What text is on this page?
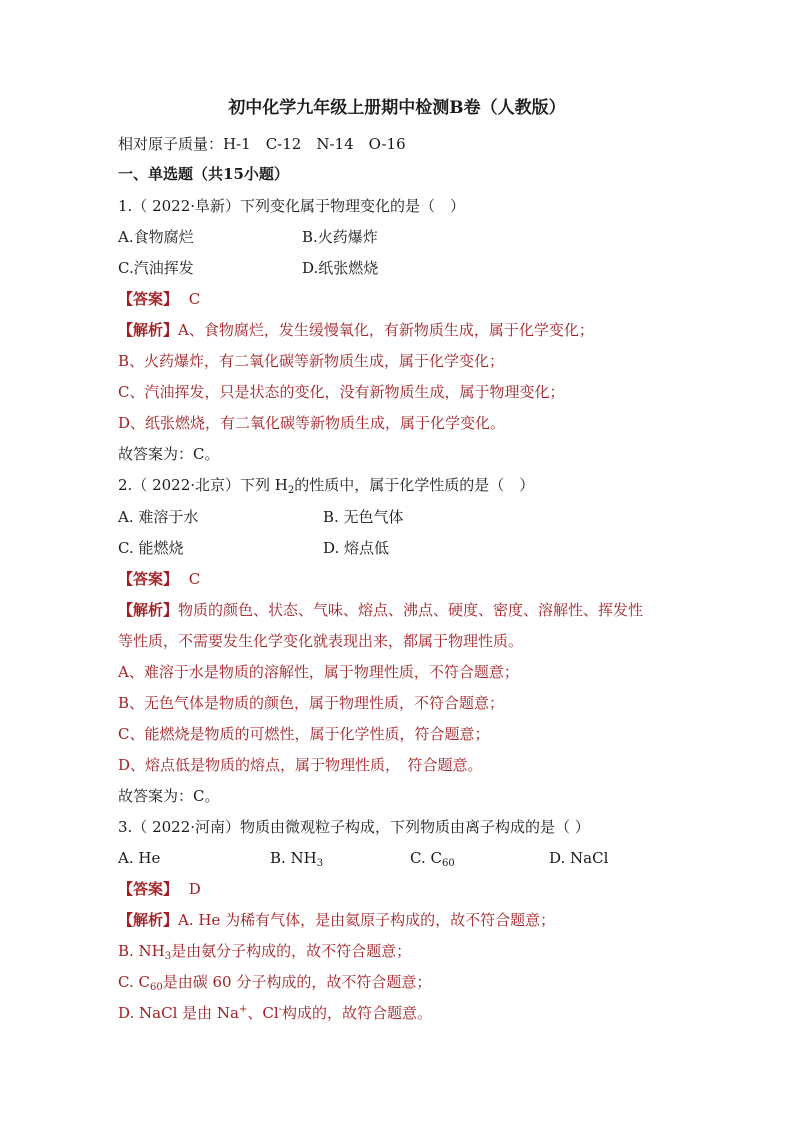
初中化学九年级上册期中检测B卷（人教版）
相对原子质量：H-1　C-12　N-14　O-16
一、单选题（共15小题）
1.（ 2022·阜新）下列变化属于物理变化的是（　）
A.食物腐烂	B.火药爆炸
C.汽油挥发	D.纸张燃烧
【答案】 C
【解析】A、食物腐烂，发生缓慢氧化，有新物质生成，属于化学变化；
B、火药爆炸，有二氧化碳等新物质生成，属于化学变化；
C、汽油挥发，只是状态的变化，没有新物质生成，属于物理变化；
D、纸张燃烧，有二氧化碳等新物质生成，属于化学变化。
故答案为：C。
2.（ 2022·北京）下列 $H_2$的性质中，属于化学性质的是（　）
A. 难溶于水	B. 无色气体
C. 能燃烧	D. 熔点低
【答案】 C
【解析】物质的颜色、状态、气味、熔点、沸点、硬度、密度、溶解性、挥发性
等性质，不需要发生化学变化就表现出来，都属于物理性质。
A、难溶于水是物质的溶解性，属于物理性质，不符合题意；
B、无色气体是物质的颜色，属于物理性质，不符合题意；
C、能燃烧是物质的可燃性，属于化学性质，符合题意；
D、熔点低是物质的熔点，属于物理性质，　符合题意。
故答案为：C。
3.（ 2022·河南）物质由微观粒子构成，下列物质由离子构成的是（ ）
A. He	B. $NH_3$	C. $C_{60}$	D. NaCl
【答案】 D
【解析】A. He 为稀有气体，是由氦原子构成的，故不符合题意；
B. $NH_3$是由氨分子构成的，故不符合题意；
C. $C_{60}$是由碳 60 分子构成的，故不符合题意；
D. NaCl 是由 Na+、Cl-构成的，故符合题意。
